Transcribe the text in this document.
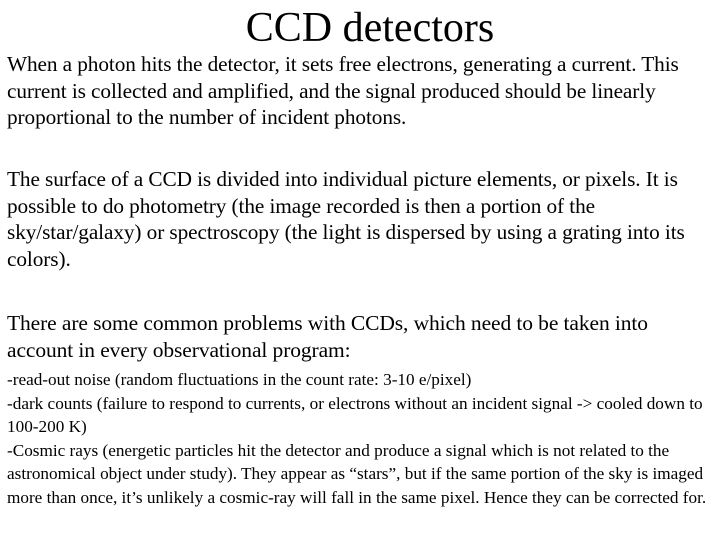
CCD detectors

When a photon hits the detector, it sets free electrons, generating a current. This current is collected and amplified, and the signal produced should be linearly proportional to the number of incident photons.

The surface of a CCD is divided into individual picture elements, or pixels. It is possible to do photometry (the image recorded is then a portion of the sky/star/galaxy) or spectroscopy (the light is dispersed by using a grating into its colors).

There are some common problems with CCDs, which need to be taken into account in every observational program:

-read-out noise (random fluctuations in the count rate: 3-10 e/pixel)
-dark counts (failure to respond to currents, or electrons without an incident signal -> cooled down to 100-200 K)
-Cosmic rays (energetic particles hit the detector and produce a signal which is not related to the astronomical object under study). They appear as “stars”, but if the same portion of the sky is imaged more than once, it’s unlikely a cosmic-ray will fall in the same pixel. Hence they can be corrected for.
